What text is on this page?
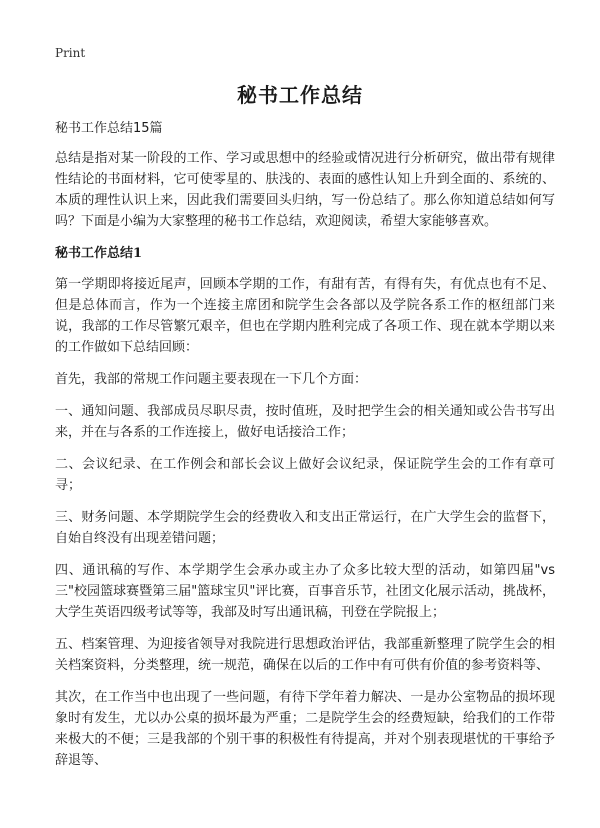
Print
秘书工作总结

秘书工作总结15篇

总结是指对某一阶段的工作、学习或思想中的经验或情况进行分析研究，做出带有规律性结论的书面材料，它可使零星的、肤浅的、表面的感性认知上升到全面的、系统的、本质的理性认识上来，因此我们需要回头归纳，写一份总结了。那么你知道总结如何写吗？下面是小编为大家整理的秘书工作总结，欢迎阅读，希望大家能够喜欢。

秘书工作总结1

第一学期即将接近尾声，回顾本学期的工作，有甜有苦，有得有失，有优点也有不足、但是总体而言，作为一个连接主席团和院学生会各部以及学院各系工作的枢纽部门来说，我部的工作尽管繁冗艰辛，但也在学期内胜利完成了各项工作、现在就本学期以来的工作做如下总结回顾：

首先，我部的常规工作问题主要表现在一下几个方面：

一、通知问题、我部成员尽职尽责，按时值班，及时把学生会的相关通知或公告书写出来，并在与各系的工作连接上，做好电话接洽工作；

二、会议纪录、在工作例会和部长会议上做好会议纪录，保证院学生会的工作有章可寻；

三、财务问题、本学期院学生会的经费收入和支出正常运行，在广大学生会的监督下，自始自终没有出现差错问题；

四、通讯稿的写作、本学期学生会承办或主办了众多比较大型的活动，如第四届"vs三"校园篮球赛暨第三届"篮球宝贝"评比赛，百事音乐节，社团文化展示活动，挑战杯，大学生英语四级考试等等，我部及时写出通讯稿，刊登在学院报上；

五、档案管理、为迎接省领导对我院进行思想政治评估，我部重新整理了院学生会的相关档案资料，分类整理，统一规范，确保在以后的工作中有可供有价值的参考资料等、

其次，在工作当中也出现了一些问题，有待下学年着力解决、一是办公室物品的损坏现象时有发生，尤以办公桌的损坏最为严重；二是院学生会的经费短缺，给我们的工作带来极大的不便；三是我部的个别干事的积极性有待提高，并对个别表现堪忧的干事给予辞退等、
